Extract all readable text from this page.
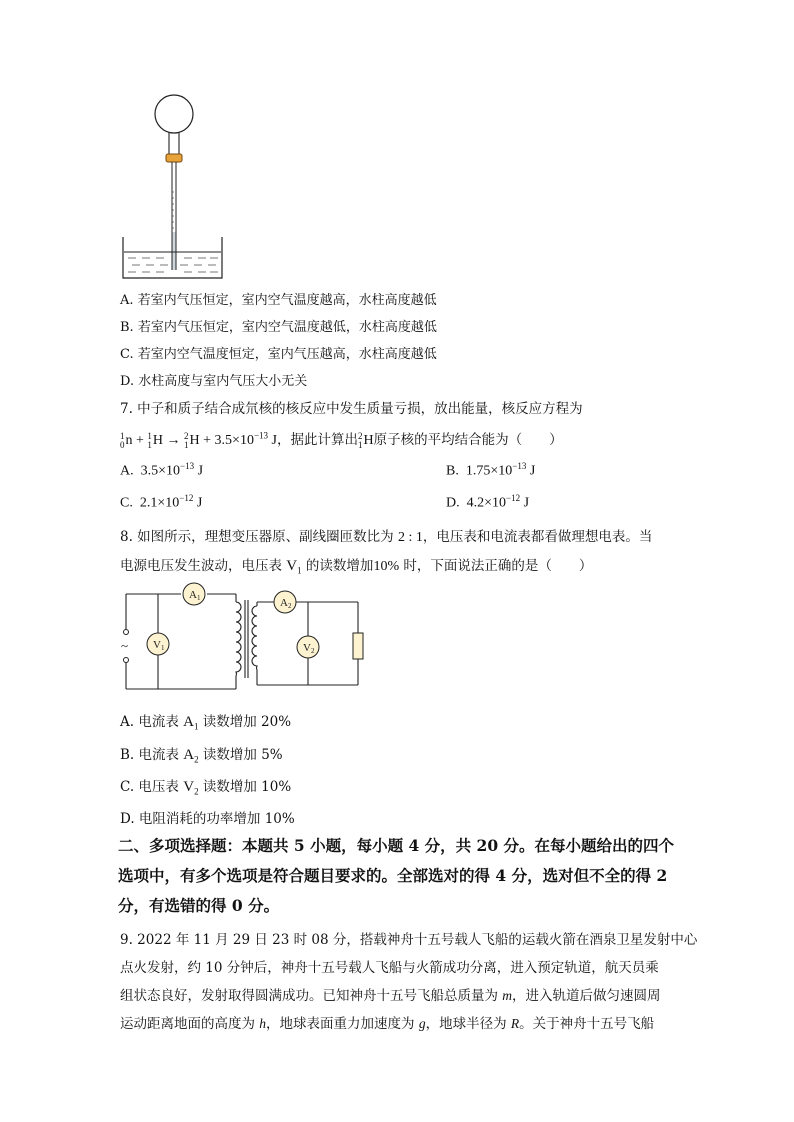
A. 若室内气压恒定，室内空气温度越高，水柱高度越低
B. 若室内气压恒定，室内空气温度越低，水柱高度越低
C. 若室内空气温度恒定，室内气压越高，水柱高度越低
D. 水柱高度与室内气压大小无关
7. 中子和质子结合成氘核的核反应中发生质量亏损，放出能量，核反应方程为
1
0 n + 1
1 H → 2
1 $H + 3.5\times 10^{-13}$ J，据此计算出 2
1 H原子核的平均结合能为（　　）
A. $3.5\times 10^{-13}$ J	B. $1.75\times 10^{-13}$ J
C. $2.1\times 10^{-12}$ J	D. $4.2\times 10^{-12}$ J
8. 如图所示，理想变压器原、副线圈匝数比为 2 : 1，电压表和电流表都看做理想电表。当
电源电压发生波动，电压表 $V_1$ 的读数增加10% 时，下面说法正确的是（　　）
~
A 1
V 1
A 2
V 2
A. 电流表 $A_1$ 读数增加 20%
B. 电流表 $A_2$ 读数增加 5%
C. 电压表 $V_2$ 读数增加 10%
D. 电阻消耗的功率增加 10%
二、多项选择题：本题共 5 小题，每小题 4 分，共 20 分。在每小题给出的四个
选项中，有多个选项是符合题目要求的。全部选对的得 4 分，选对但不全的得 2
分，有选错的得 0 分。
9. 2022 年 11 月 29 日 23 时 08 分，搭载神舟十五号载人飞船的运载火箭在酒泉卫星发射中心
点火发射，约 10 分钟后，神舟十五号载人飞船与火箭成功分离，进入预定轨道，航天员乘
组状态良好，发射取得圆满成功。已知神舟十五号飞船总质量为 m，进入轨道后做匀速圆周
运动距离地面的高度为 h，地球表面重力加速度为 g，地球半径为 R。关于神舟十五号飞船
